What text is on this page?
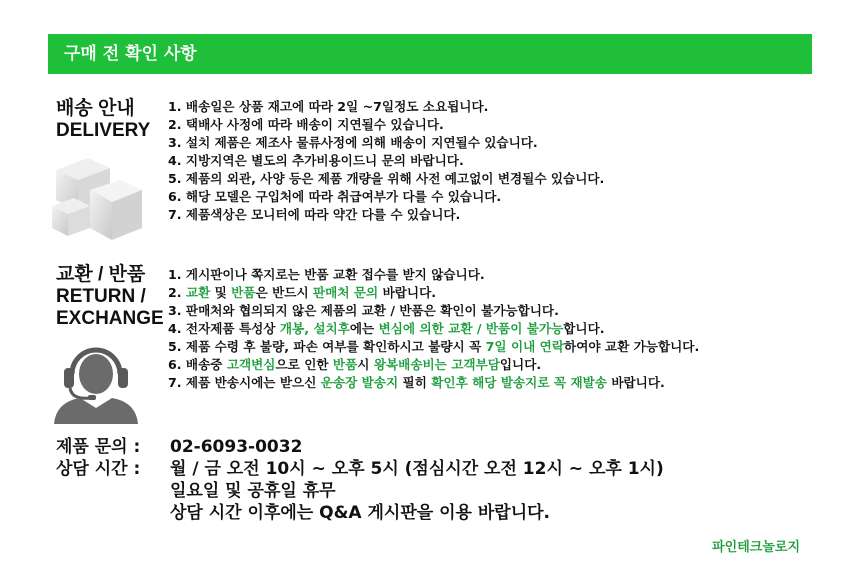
구매 전 확인 사항
배송 안내
DELIVERY
1. 배송일은 상품 재고에 따라 2일 ~7일정도 소요됩니다.
2. 택배사 사정에 따라 배송이 지연될수 있습니다.
3. 설치 제품은 제조사 물류사정에 의해 배송이 지연될수 있습니다.
4. 지방지역은 별도의 추가비용이드니 문의 바랍니다.
5. 제품의 외관, 사양 등은 제품 개량을 위해 사전 예고없이 변경될수 있습니다.
6. 해당 모델은 구입처에 따라 취급여부가 다를 수 있습니다.
7. 제품색상은 모니터에 따라 약간 다를 수 있습니다.
교환 / 반품
RETURN /
EXCHANGE
1. 게시판이나 쪽지로는 반품 교환 접수를 받지 않습니다.
2. 교환 및 반품은 반드시 판매처 문의 바랍니다.
3. 판매처와 협의되지 않은 제품의 교환 / 반품은 확인이 불가능합니다.
4. 전자제품 특성상 개봉, 설치후에는 변심에 의한 교환 / 반품이 불가능합니다.
5. 제품 수령 후 불량, 파손 여부를 확인하시고 불량시 꼭 7일 이내 연락하여야 교환 가능합니다.
6. 배송중 고객변심으로 인한 반품시 왕복배송비는 고객부담입니다.
7. 제품 반송시에는 받으신 운송장 발송지 필히 확인후 해당 발송지로 꼭 재발송 바랍니다.
제품 문의 : 02-6093-0032
상담 시간 : 월 / 금 오전 10시 ~ 오후 5시 (점심시간 오전 12시 ~ 오후 1시)
일요일 및 공휴일 휴무
상담 시간 이후에는 Q&A 게시판을 이용 바랍니다.
파인테크놀로지
